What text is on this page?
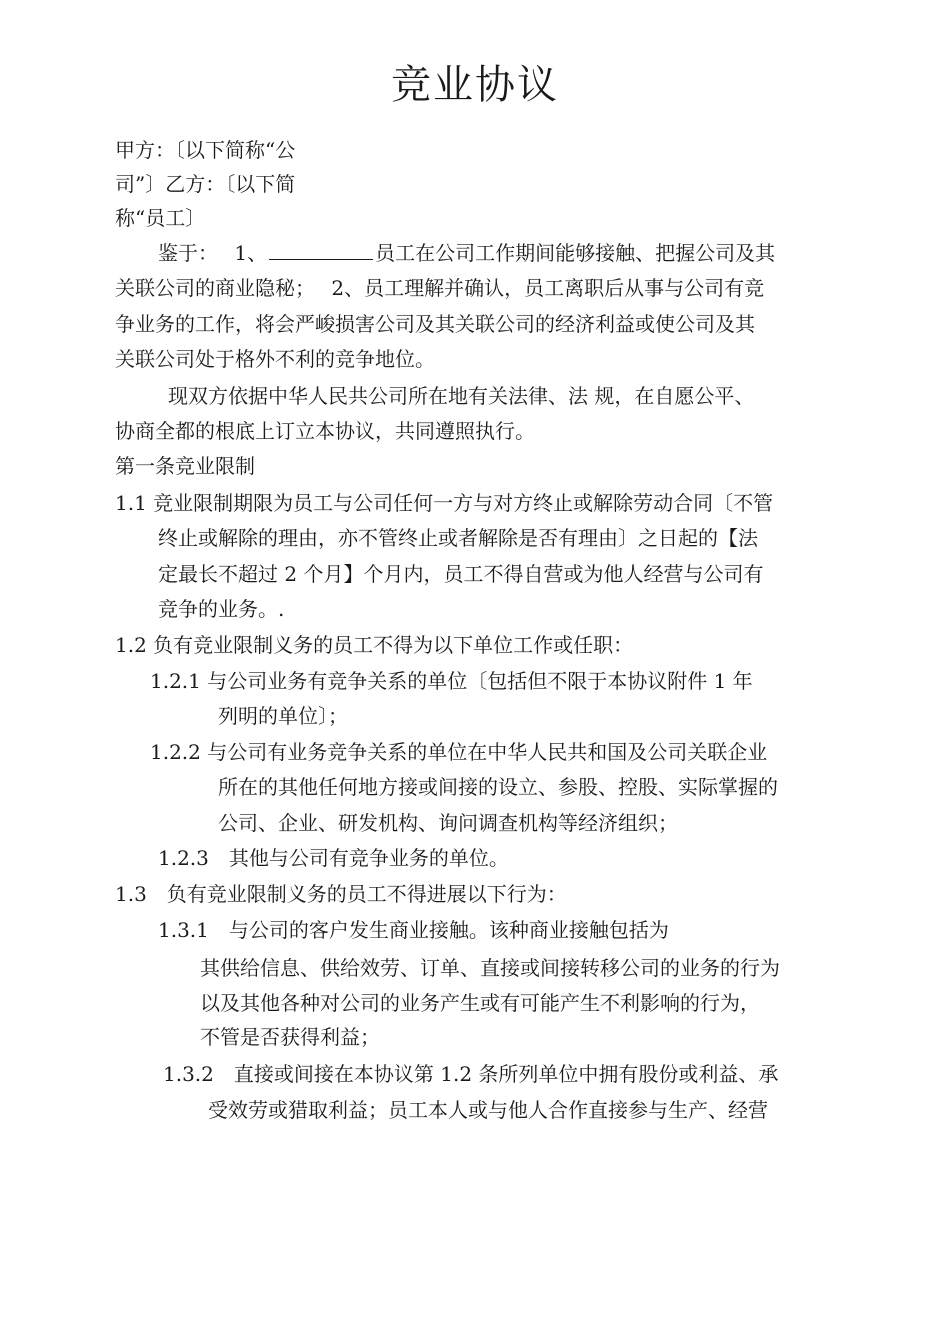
竞业协议
甲方：〔以下简称“公
司”〕乙方：〔以下简
称“员工〕
鉴于：　 1、	员工在公司工作期间能够接触、把握公司及其
关联公司的商业隐秘；　 2、员工理解并确认，员工离职后从事与公司有竞
争业务的工作，将会严峻损害公司及其关联公司的经济利益或使公司及其
关联公司处于格外不利的竞争地位。
现双方依据中华人民共公司所在地有关法律、法 规，在自愿公平、
协商全都的根底上订立本协议，共同遵照执行。
第一条竞业限制
1.1 竞业限制期限为员工与公司任何一方与对方终止或解除劳动合同〔不管
终止或解除的理由，亦不管终止或者解除是否有理由〕之日起的【法
定最长不超过 2 个月】个月内，员工不得自营或为他人经营与公司有
竞争的业务。.
1.2 负有竞业限制义务的员工不得为以下单位工作或任职：
1.2.1 与公司业务有竞争关系的单位〔包括但不限于本协议附件 1 年
列明的单位〕；
1.2.2 与公司有业务竞争关系的单位在中华人民共和国及公司关联企业
所在的其他任何地方接或间接的设立、参股、控股、实际掌握的
公司、企业、研发机构、询问调查机构等经济组织；
1.2.3　其他与公司有竞争业务的单位。
1.3　负有竞业限制义务的员工不得进展以下行为：
1.3.1　与公司的客户发生商业接触。该种商业接触包括为
其供给信息、供给效劳、订单、直接或间接转移公司的业务的行为
以及其他各种对公司的业务产生或有可能产生不利影响的行为，
不管是否获得利益；
1.3.2　直接或间接在本协议第 1.2 条所列单位中拥有股份或利益、承
受效劳或猎取利益；员工本人或与他人合作直接参与生产、经营
